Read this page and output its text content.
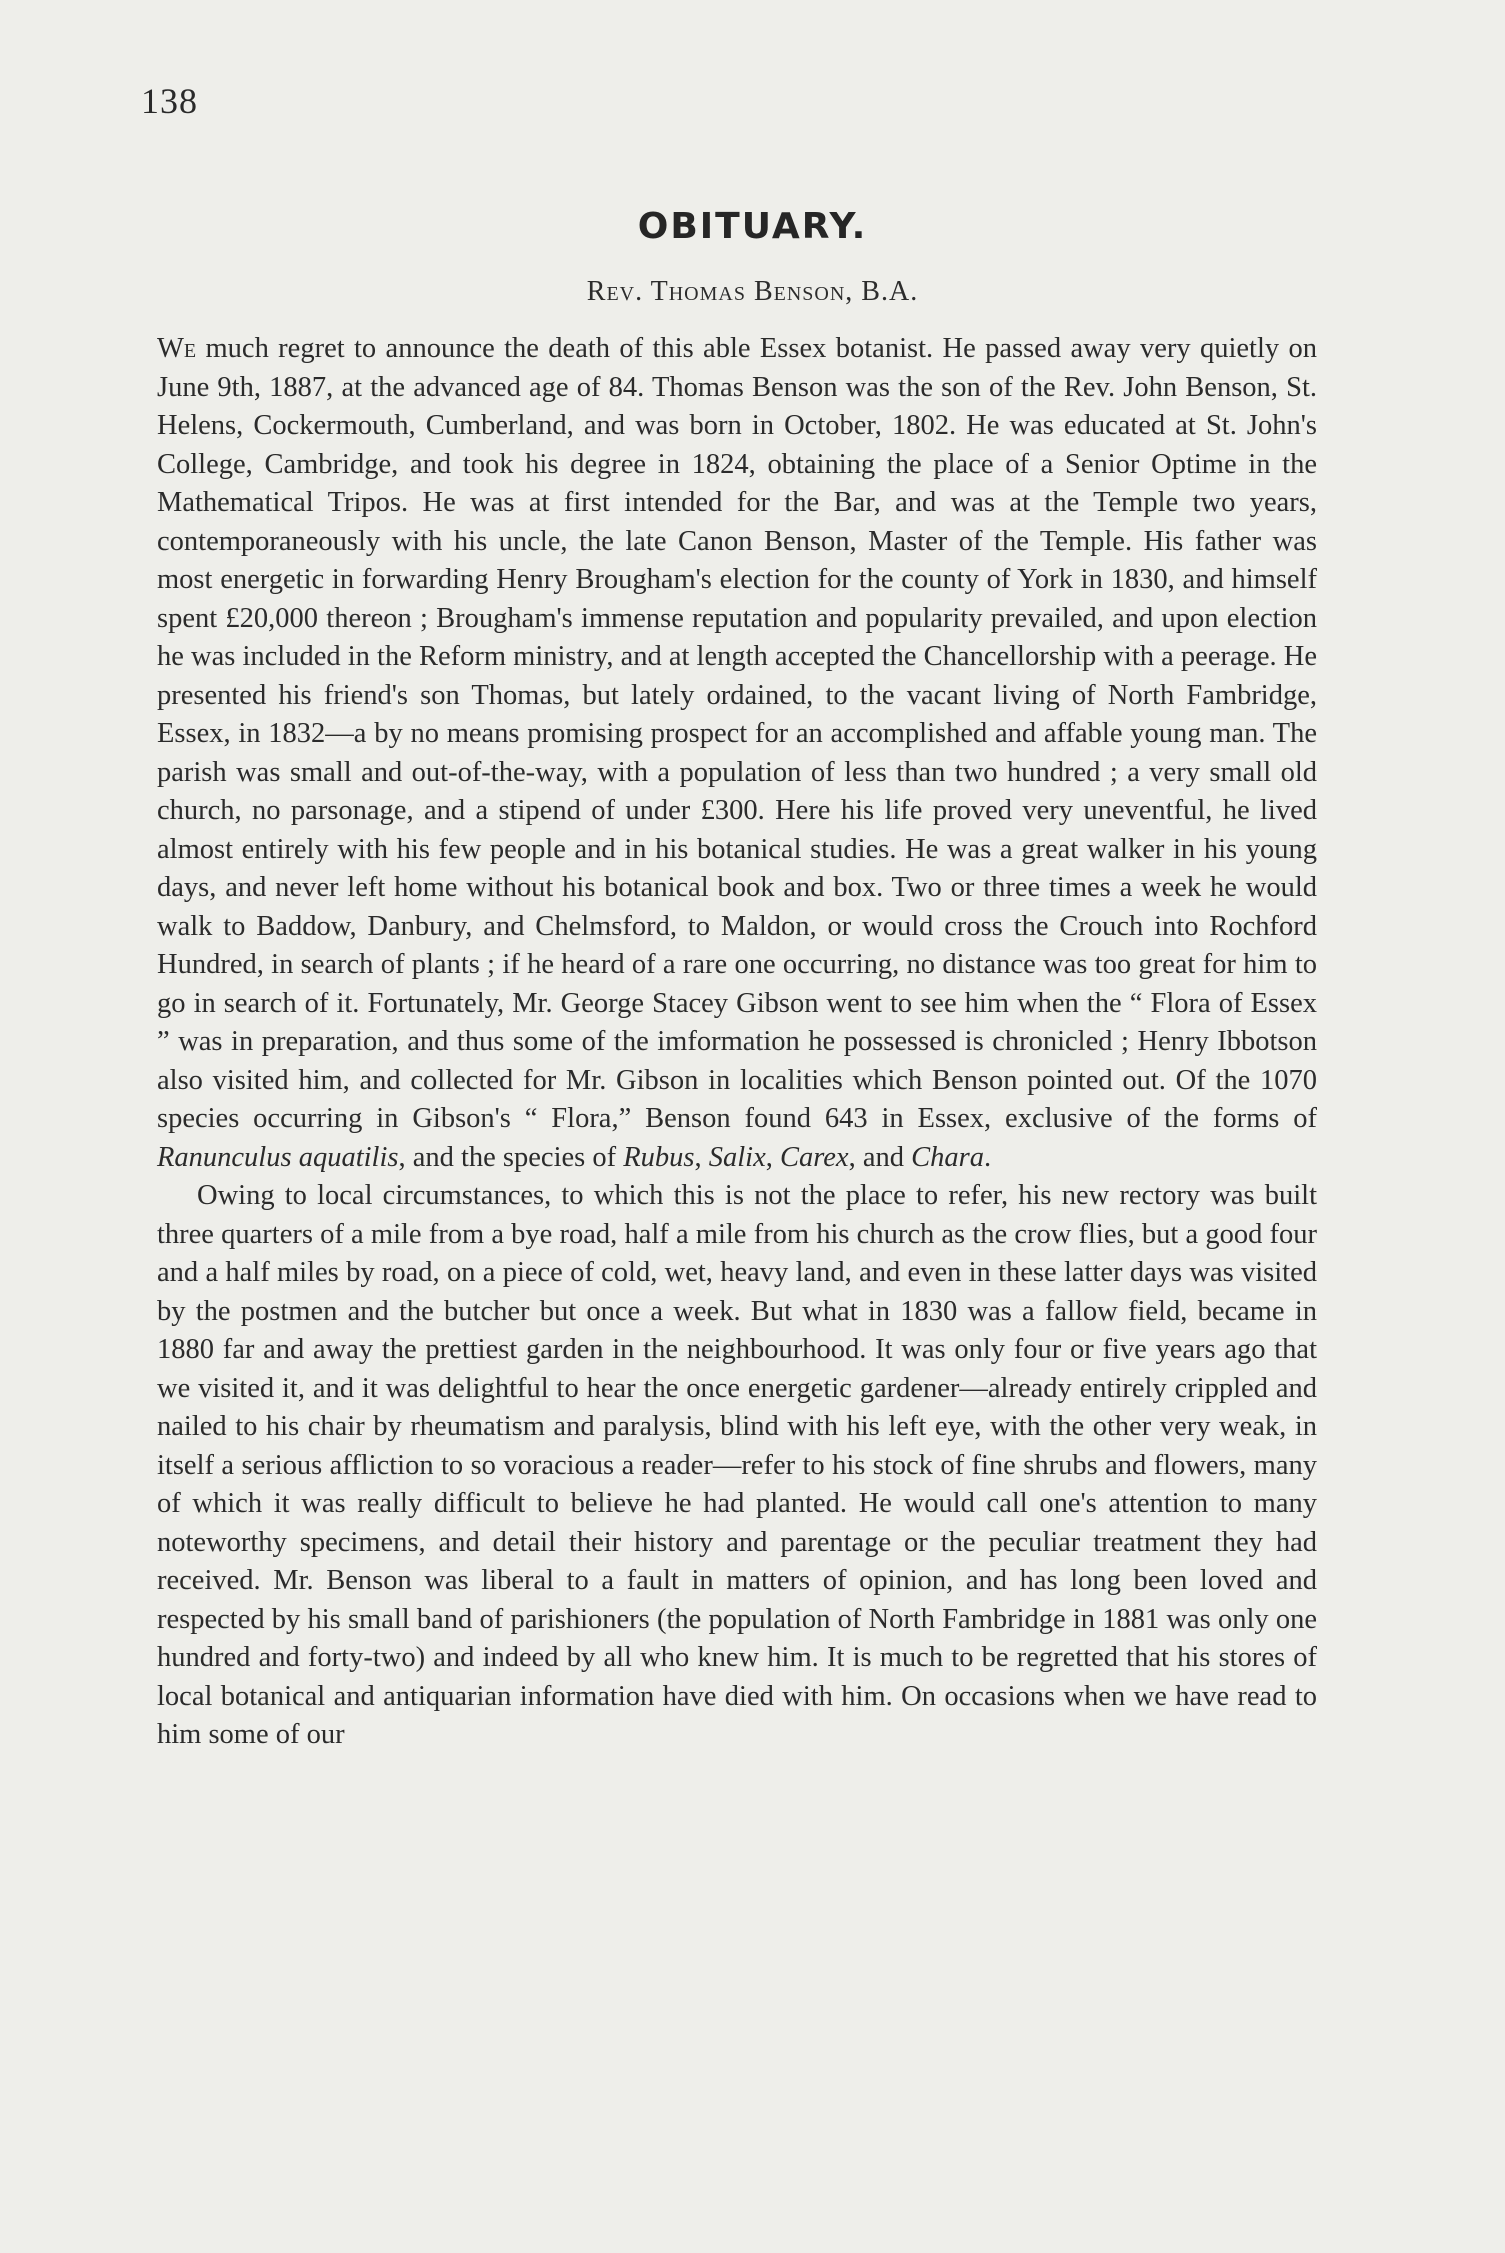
138
OBITUARY.
Rev. Thomas Benson, B.A.

We much regret to announce the death of this able Essex botanist. He passed away very quietly on June 9th, 1887, at the advanced age of 84. Thomas Benson was the son of the Rev. John Benson, St. Helens, Cockermouth, Cumberland, and was born in October, 1802. He was educated at St. John's College, Cambridge, and took his degree in 1824, obtaining the place of a Senior Optime in the Mathematical Tripos. He was at first intended for the Bar, and was at the Temple two years, contemporaneously with his uncle, the late Canon Benson, Master of the Temple. His father was most energetic in forwarding Henry Brougham's election for the county of York in 1830, and himself spent £20,000 thereon ; Brougham's immense reputation and popularity prevailed, and upon election he was included in the Reform ministry, and at length accepted the Chancellorship with a peerage. He presented his friend's son Thomas, but lately ordained, to the vacant living of North Fambridge, Essex, in 1832—a by no means promising prospect for an accomplished and affable young man. The parish was small and out-of-the-way, with a population of less than two hundred ; a very small old church, no parsonage, and a stipend of under £300. Here his life proved very uneventful, he lived almost entirely with his few people and in his botanical studies. He was a great walker in his young days, and never left home without his botanical book and box. Two or three times a week he would walk to Baddow, Danbury, and Chelmsford, to Maldon, or would cross the Crouch into Rochford Hundred, in search of plants ; if he heard of a rare one occurring, no distance was too great for him to go in search of it. Fortunately, Mr. George Stacey Gibson went to see him when the “ Flora of Essex ” was in preparation, and thus some of the imformation he possessed is chronicled ; Henry Ibbotson also visited him, and collected for Mr. Gibson in localities which Benson pointed out. Of the 1070 species occurring in Gibson's “ Flora,” Benson found 643 in Essex, exclusive of the forms of Ranunculus aquatilis, and the species of Rubus, Salix, Carex, and Chara.

Owing to local circumstances, to which this is not the place to refer, his new rectory was built three quarters of a mile from a bye road, half a mile from his church as the crow flies, but a good four and a half miles by road, on a piece of cold, wet, heavy land, and even in these latter days was visited by the postmen and the butcher but once a week. But what in 1830 was a fallow field, became in 1880 far and away the prettiest garden in the neighbourhood. It was only four or five years ago that we visited it, and it was delightful to hear the once energetic gardener—already entirely crippled and nailed to his chair by rheumatism and paralysis, blind with his left eye, with the other very weak, in itself a serious affliction to so voracious a reader—refer to his stock of fine shrubs and flowers, many of which it was really difficult to believe he had planted. He would call one's attention to many noteworthy specimens, and detail their history and parentage or the peculiar treatment they had received. Mr. Benson was liberal to a fault in matters of opinion, and has long been loved and respected by his small band of parishioners (the population of North Fambridge in 1881 was only one hundred and forty-two) and indeed by all who knew him. It is much to be regretted that his stores of local botanical and antiquarian information have died with him. On occasions when we have read to him some of our
